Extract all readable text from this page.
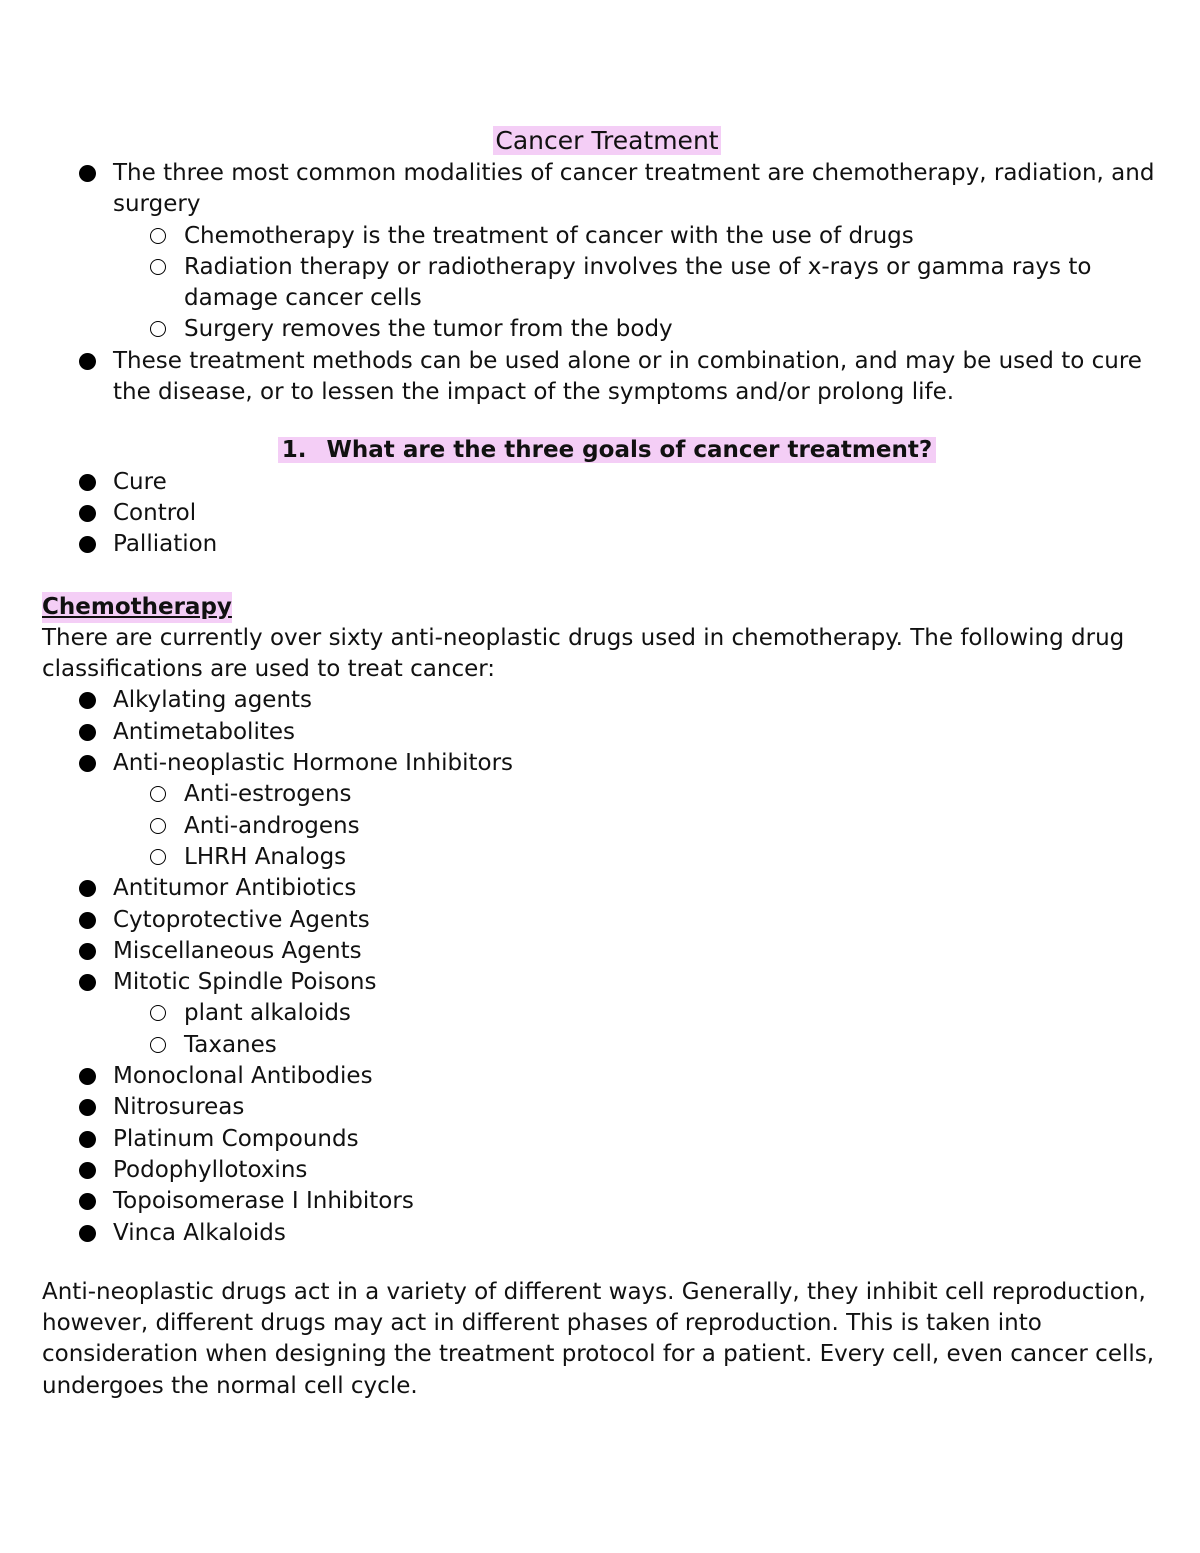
Cancer Treatment
The three most common modalities of cancer treatment are chemotherapy, radiation, and surgery
Chemotherapy is the treatment of cancer with the use of drugs
Radiation therapy or radiotherapy involves the use of x-rays or gamma rays to damage cancer cells
Surgery removes the tumor from the body
These treatment methods can be used alone or in combination, and may be used to cure the disease, or to lessen the impact of the symptoms and/or prolong life.

1. What are the three goals of cancer treatment?

Cure
Control
Palliation
Chemotherapy

There are currently over sixty anti-neoplastic drugs used in chemotherapy. The following drug classifications are used to treat cancer:

Alkylating agents
Antimetabolites
Anti-neoplastic Hormone Inhibitors
Anti-estrogens
Anti-androgens
LHRH Analogs
Antitumor Antibiotics
Cytoprotective Agents
Miscellaneous Agents
Mitotic Spindle Poisons
plant alkaloids
Taxanes
Monoclonal Antibodies
Nitrosureas
Platinum Compounds
Podophyllotoxins
Topoisomerase I Inhibitors
Vinca Alkaloids

Anti-neoplastic drugs act in a variety of different ways. Generally, they inhibit cell reproduction, however, different drugs may act in different phases of reproduction. This is taken into consideration when designing the treatment protocol for a patient. Every cell, even cancer cells, undergoes the normal cell cycle.
